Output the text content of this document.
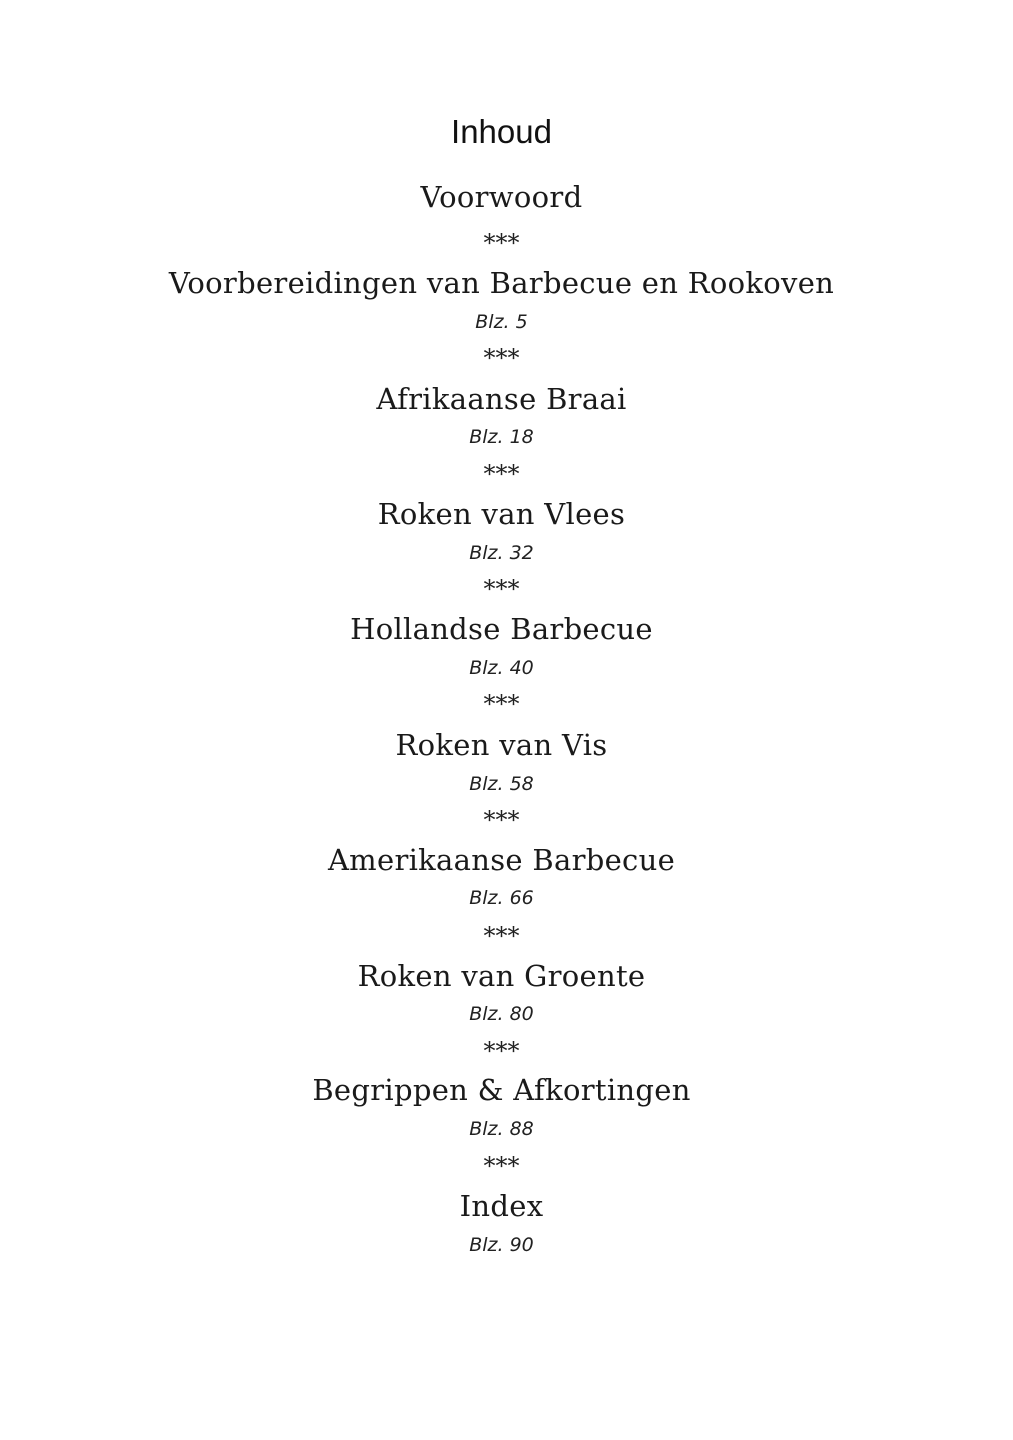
Inhoud
Voorwoord
***
Voorbereidingen van Barbecue en Rookoven
Blz. 5
***
Afrikaanse Braai
Blz. 18
***
Roken van Vlees
Blz. 32
***
Hollandse Barbecue
Blz. 40
***
Roken van Vis
Blz. 58
***
Amerikaanse Barbecue
Blz. 66
***
Roken van Groente
Blz. 80
***
Begrippen & Afkortingen
Blz. 88
***
Index
Blz. 90
